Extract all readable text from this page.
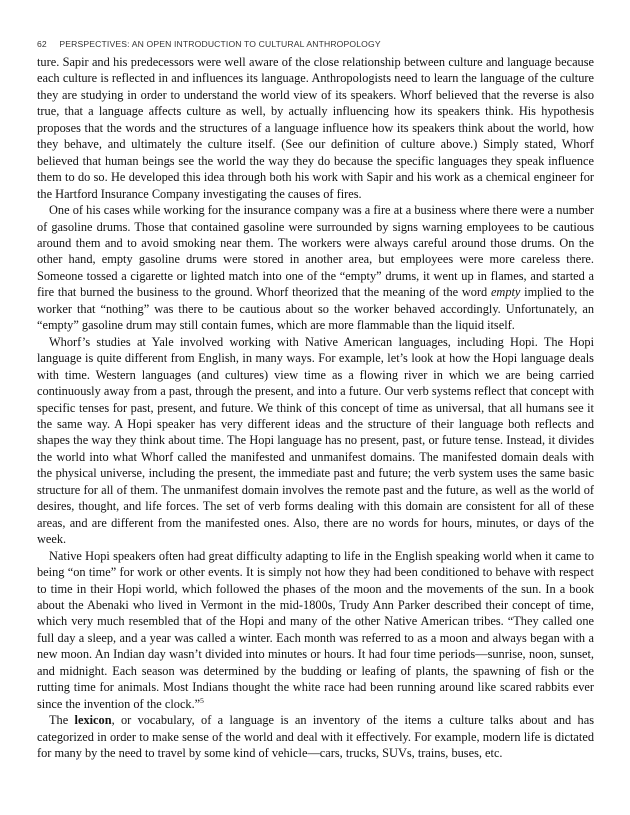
62 PERSPECTIVES: AN OPEN INTRODUCTION TO CULTURAL ANTHROPOLOGY

ture. Sapir and his predecessors were well aware of the close relationship between culture and language because each culture is reflected in and influences its language. Anthropologists need to learn the language of the culture they are studying in order to understand the world view of its speakers. Whorf believed that the reverse is also true, that a language affects culture as well, by actually influencing how its speakers think. His hypothesis proposes that the words and the structures of a language influence how its speakers think about the world, how they behave, and ultimately the culture itself. (See our definition of culture above.) Simply stated, Whorf believed that human beings see the world the way they do because the specific languages they speak influence them to do so. He developed this idea through both his work with Sapir and his work as a chemical engineer for the Hartford Insurance Company investigating the causes of fires.

One of his cases while working for the insurance company was a fire at a business where there were a number of gasoline drums. Those that contained gasoline were surrounded by signs warning employees to be cautious around them and to avoid smoking near them. The workers were always careful around those drums. On the other hand, empty gasoline drums were stored in another area, but employees were more careless there. Someone tossed a cigarette or lighted match into one of the “empty” drums, it went up in flames, and started a fire that burned the business to the ground. Whorf theorized that the meaning of the word empty implied to the worker that “nothing” was there to be cautious about so the worker behaved accordingly. Unfortunately, an “empty” gasoline drum may still contain fumes, which are more flammable than the liquid itself.

Whorf’s studies at Yale involved working with Native American languages, including Hopi. The Hopi language is quite different from English, in many ways. For example, let’s look at how the Hopi language deals with time. Western languages (and cultures) view time as a flowing river in which we are being carried continuously away from a past, through the present, and into a future. Our verb systems reflect that concept with specific tenses for past, present, and future. We think of this concept of time as universal, that all humans see it the same way. A Hopi speaker has very different ideas and the structure of their language both reflects and shapes the way they think about time. The Hopi language has no present, past, or future tense. Instead, it divides the world into what Whorf called the manifested and unmanifest domains. The manifested domain deals with the physical universe, including the present, the immediate past and future; the verb system uses the same basic structure for all of them. The unmanifest domain involves the remote past and the future, as well as the world of desires, thought, and life forces. The set of verb forms dealing with this domain are consistent for all of these areas, and are different from the manifested ones. Also, there are no words for hours, minutes, or days of the week.

Native Hopi speakers often had great difficulty adapting to life in the English speaking world when it came to being “on time” for work or other events. It is simply not how they had been conditioned to behave with respect to time in their Hopi world, which followed the phases of the moon and the movements of the sun. In a book about the Abenaki who lived in Vermont in the mid-1800s, Trudy Ann Parker described their concept of time, which very much resembled that of the Hopi and many of the other Native American tribes. “They called one full day a sleep, and a year was called a winter. Each month was referred to as a moon and always began with a new moon. An Indian day wasn’t divided into minutes or hours. It had four time periods—sunrise, noon, sunset, and midnight. Each season was determined by the budding or leafing of plants, the spawning of fish or the rutting time for animals. Most Indians thought the white race had been running around like scared rabbits ever since the invention of the clock.”$^5$

The lexicon, or vocabulary, of a language is an inventory of the items a culture talks about and has categorized in order to make sense of the world and deal with it effectively. For example, modern life is dictated for many by the need to travel by some kind of vehicle—cars, trucks, SUVs, trains, buses, etc.
